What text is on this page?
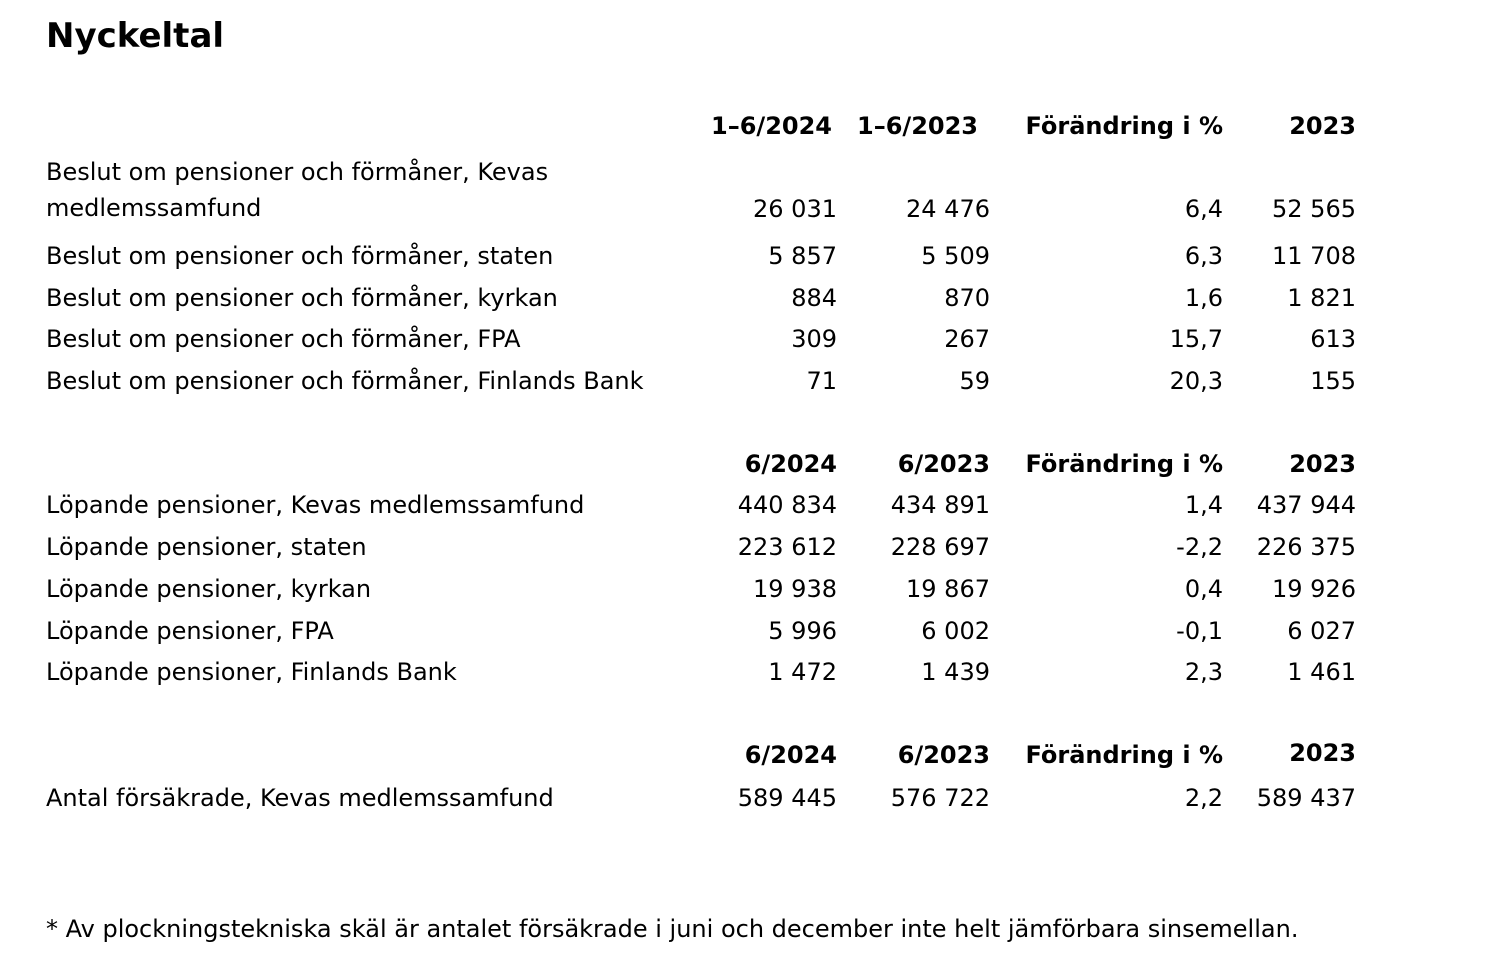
Nyckeltal
1–6/2024	1–6/2023	Förändring i %	2023
Beslut om pensioner och förmåner, Kevas medlemssamfund	26 031	24 476	6,4	52 565
Beslut om pensioner och förmåner, staten	5 857	5 509	6,3	11 708
Beslut om pensioner och förmåner, kyrkan	884	870	1,6	1 821
Beslut om pensioner och förmåner, FPA	309	267	15,7	613
Beslut om pensioner och förmåner, Finlands Bank	71	59	20,3	155
6/2024	6/2023	Förändring i %	2023
Löpande pensioner, Kevas medlemssamfund	440 834	434 891	1,4	437 944
Löpande pensioner, staten	223 612	228 697	-2,2	226 375
Löpande pensioner, kyrkan	19 938	19 867	0,4	19 926
Löpande pensioner, FPA	5 996	6 002	-0,1	6 027
Löpande pensioner, Finlands Bank	1 472	1 439	2,3	1 461
6/2024	6/2023	Förändring i %	2023
Antal försäkrade, Kevas medlemssamfund	589 445	576 722	2,2	589 437
* Av plockningstekniska skäl är antalet försäkrade i juni och december inte helt jämförbara sinsemellan.
